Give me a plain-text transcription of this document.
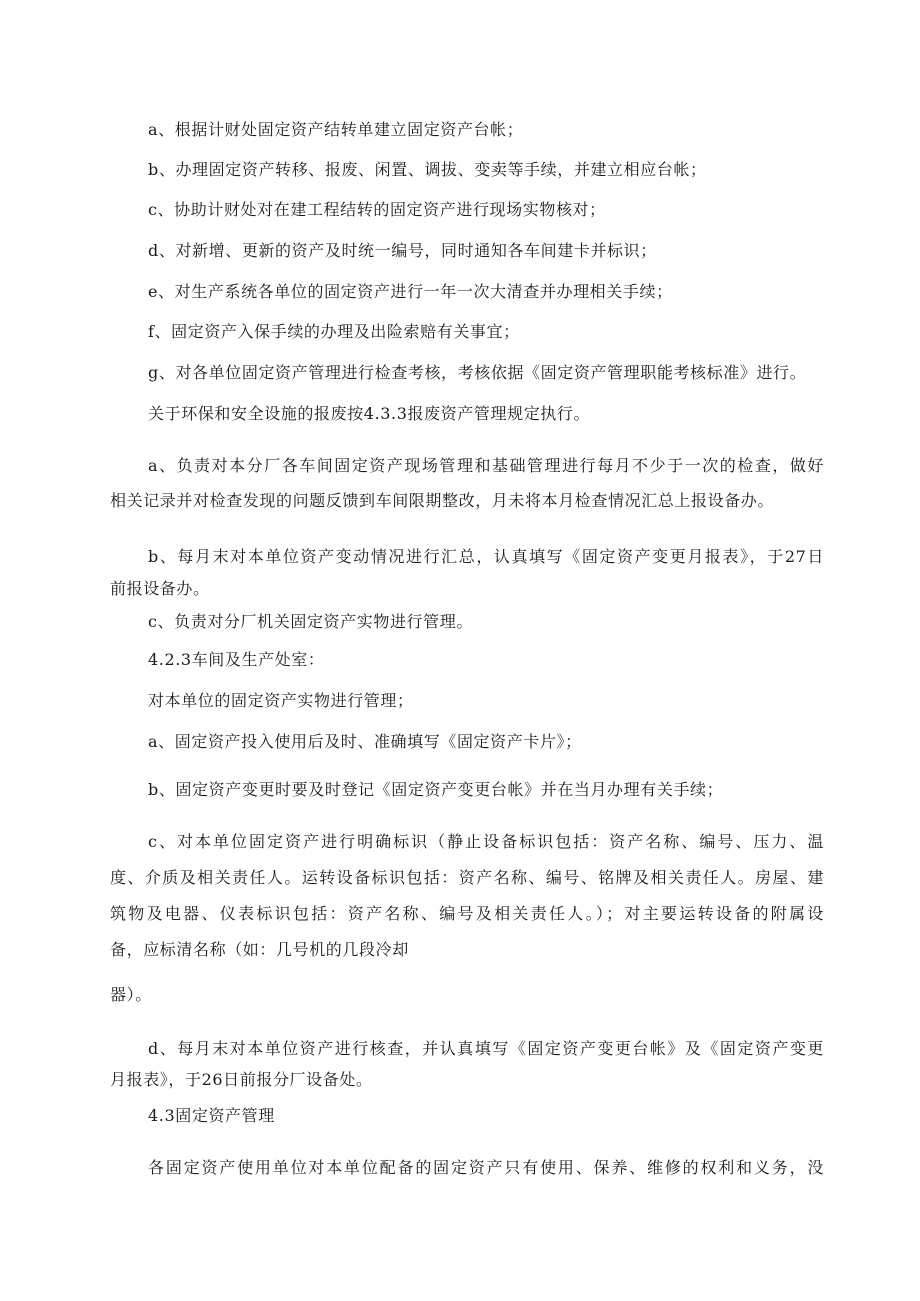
a、根据计财处固定资产结转单建立固定资产台帐；
b、办理固定资产转移、报废、闲置、调拔、变卖等手续，并建立相应台帐；
c、协助计财处对在建工程结转的固定资产进行现场实物核对；
d、对新增、更新的资产及时统一编号，同时通知各车间建卡并标识；
e、对生产系统各单位的固定资产进行一年一次大清查并办理相关手续；
f、固定资产入保手续的办理及出险索赔有关事宜；
g、对各单位固定资产管理进行检查考核，考核依据《固定资产管理职能考核标准》进行。
关于环保和安全设施的报废按4.3.3报废资产管理规定执行。
a、负责对本分厂各车间固定资产现场管理和基础管理进行每月不少于一次的检查，做好
相关记录并对检查发现的问题反馈到车间限期整改，月未将本月检查情况汇总上报设备办。
b、每月末对本单位资产变动情况进行汇总，认真填写《固定资产变更月报表》，于27日
前报设备办。
c、负责对分厂机关固定资产实物进行管理。
4.2.3车间及生产处室：
对本单位的固定资产实物进行管理；
a、固定资产投入使用后及时、准确填写《固定资产卡片》；
b、固定资产变更时要及时登记《固定资产变更台帐》并在当月办理有关手续；
c、对本单位固定资产进行明确标识（静止设备标识包括：资产名称、编号、压力、温
度、介质及相关责任人。运转设备标识包括：资产名称、编号、铭牌及相关责任人。房屋、建
筑物及电器、仪表标识包括：资产名称、编号及相关责任人。）；对主要运转设备的附属设
备，应标清名称（如：几号机的几段冷却
器）。
d、每月末对本单位资产进行核查，并认真填写《固定资产变更台帐》及《固定资产变更
月报表》，于26日前报分厂设备处。
4.3固定资产管理
各固定资产使用单位对本单位配备的固定资产只有使用、保养、维修的权利和义务，没
